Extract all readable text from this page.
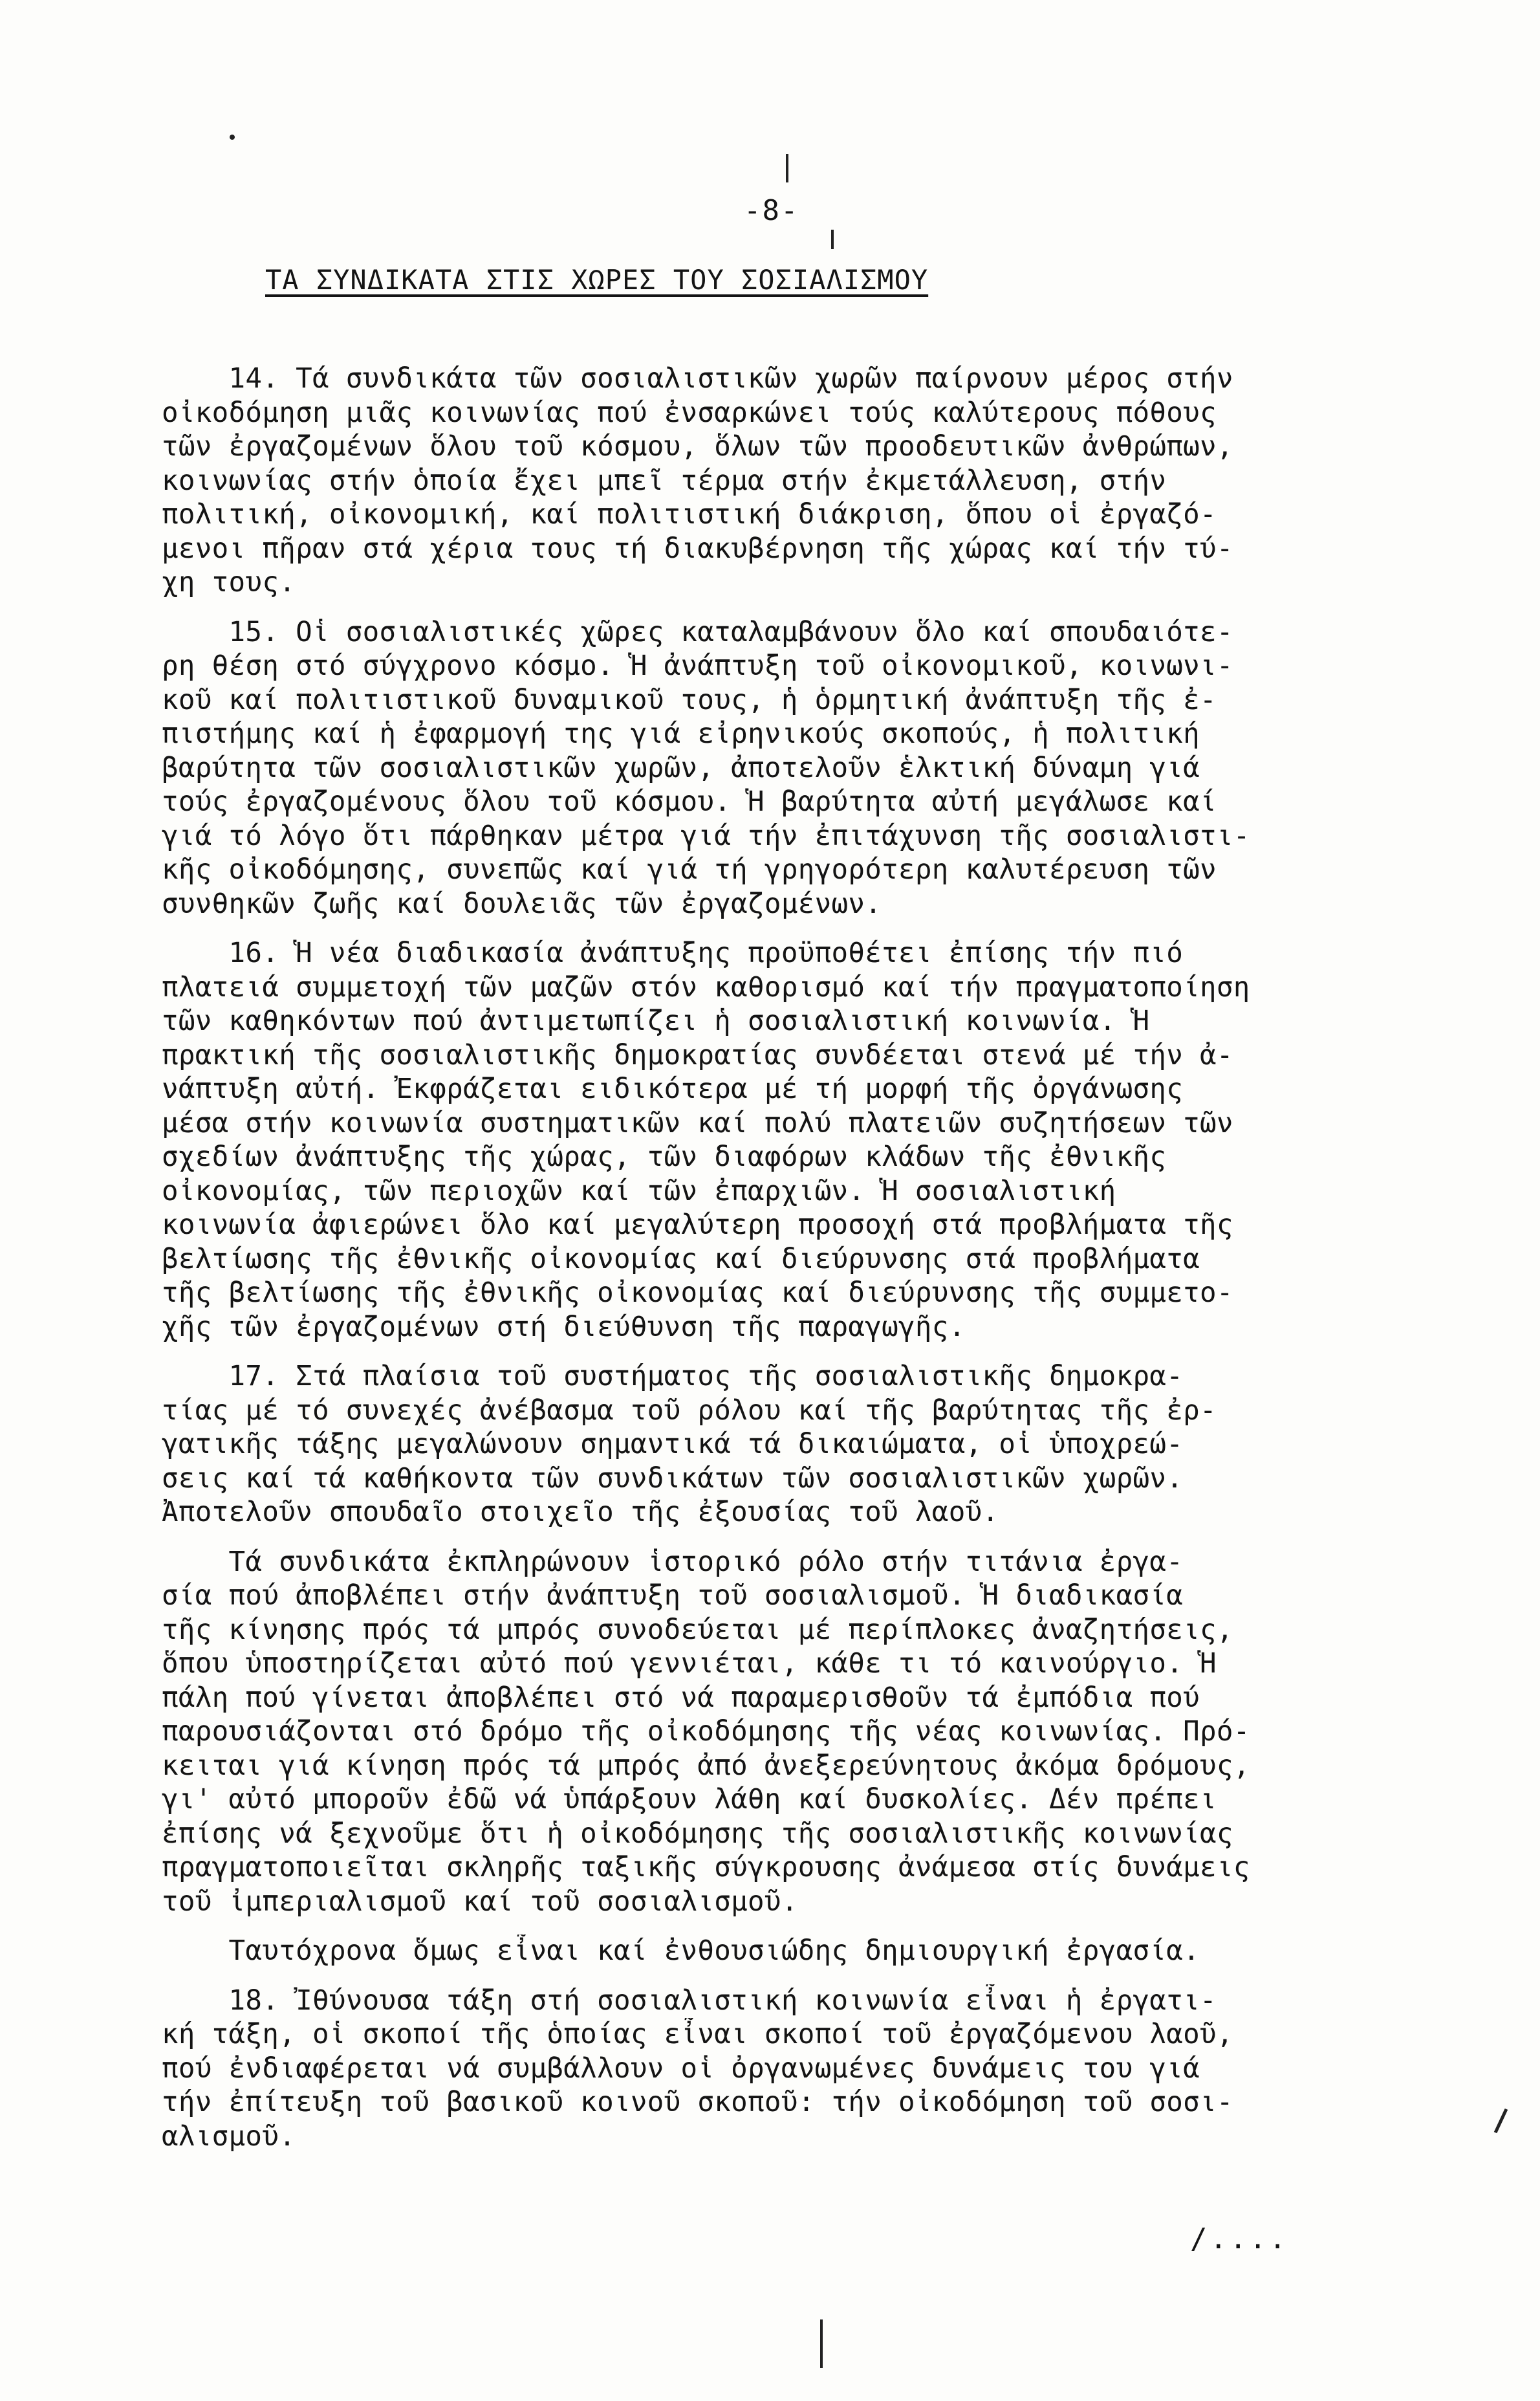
-8-
ΤΑ ΣΥΝΔΙΚΑΤΑ ΣΤΙΣ ΧΩΡΕΣ ΤΟΥ ΣΟΣΙΑΛΙΣΜΟΥ
14. Τά συνδικάτα τῶν σοσιαλιστικῶν χωρῶν παίρνουν μέρος στήν
οἰκοδόμηση μιᾶς κοινωνίας πού ἐνσαρκώνει τούς καλύτερους πόθους
τῶν ἐργαζομένων ὅλου τοῦ κόσμου, ὅλων τῶν προοδευτικῶν ἀνθρώπων,
κοινωνίας στήν ὁποία ἔχει μπεῖ τέρμα στήν ἐκμετάλλευση, στήν
πολιτική, οἰκονομική, καί πολιτιστική διάκριση, ὅπου οἱ ἐργαζό-
μενοι πῆραν στά χέρια τους τή διακυβέρνηση τῆς χώρας καί τήν τύ-
χη τους.
15. Οἱ σοσιαλιστικές χῶρες καταλαμβάνουν ὅλο καί σπουδαιότε-
ρη θέση στό σύγχρονο κόσμο. Ἡ ἀνάπτυξη τοῦ οἰκονομικοῦ, κοινωνι-
κοῦ καί πολιτιστικοῦ δυναμικοῦ τους, ἡ ὁρμητική ἀνάπτυξη τῆς ἐ-
πιστήμης καί ἡ ἐφαρμογή της γιά εἰρηνικούς σκοπούς, ἡ πολιτική
βαρύτητα τῶν σοσιαλιστικῶν χωρῶν, ἀποτελοῦν ἑλκτική δύναμη γιά
τούς ἐργαζομένους ὅλου τοῦ κόσμου. Ἡ βαρύτητα αὐτή μεγάλωσε καί
γιά τό λόγο ὅτι πάρθηκαν μέτρα γιά τήν ἐπιτάχυνση τῆς σοσιαλιστι-
κῆς οἰκοδόμησης, συνεπῶς καί γιά τή γρηγορότερη καλυτέρευση τῶν
συνθηκῶν ζωῆς καί δουλειᾶς τῶν ἐργαζομένων.
16. Ἡ νέα διαδικασία ἀνάπτυξης προϋποθέτει ἐπίσης τήν πιό
πλατειά συμμετοχή τῶν μαζῶν στόν καθορισμό καί τήν πραγματοποίηση
τῶν καθηκόντων πού ἀντιμετωπίζει ἡ σοσιαλιστική κοινωνία. Ἡ
πρακτική τῆς σοσιαλιστικῆς δημοκρατίας συνδέεται στενά μέ τήν ἀ-
νάπτυξη αὐτή. Ἐκφράζεται ειδικότερα μέ τή μορφή τῆς ὀργάνωσης
μέσα στήν κοινωνία συστηματικῶν καί πολύ πλατειῶν συζητήσεων τῶν
σχεδίων ἀνάπτυξης τῆς χώρας, τῶν διαφόρων κλάδων τῆς ἐθνικῆς
οἰκονομίας, τῶν περιοχῶν καί τῶν ἐπαρχιῶν. Ἡ σοσιαλιστική
κοινωνία ἀφιερώνει ὅλο καί μεγαλύτερη προσοχή στά προβλήματα τῆς
βελτίωσης τῆς ἐθνικῆς οἰκονομίας καί διεύρυνσης στά προβλήματα
τῆς βελτίωσης τῆς ἐθνικῆς οἰκονομίας καί διεύρυνσης τῆς συμμετο-
χῆς τῶν ἐργαζομένων στή διεύθυνση τῆς παραγωγῆς.
17. Στά πλαίσια τοῦ συστήματος τῆς σοσιαλιστικῆς δημοκρα-
τίας μέ τό συνεχές ἀνέβασμα τοῦ ρόλου καί τῆς βαρύτητας τῆς ἐρ-
γατικῆς τάξης μεγαλώνουν σημαντικά τά δικαιώματα, οἱ ὑποχρεώ-
σεις καί τά καθήκοντα τῶν συνδικάτων τῶν σοσιαλιστικῶν χωρῶν.
Ἀποτελοῦν σπουδαῖο στοιχεῖο τῆς ἐξουσίας τοῦ λαοῦ.
Τά συνδικάτα ἐκπληρώνουν ἱστορικό ρόλο στήν τιτάνια ἐργα-
σία πού ἀποβλέπει στήν ἀνάπτυξη τοῦ σοσιαλισμοῦ. Ἡ διαδικασία
τῆς κίνησης πρός τά μπρός συνοδεύεται μέ περίπλοκες ἀναζητήσεις,
ὅπου ὑποστηρίζεται αὐτό πού γεννιέται, κάθε τι τό καινούργιο. Ἡ
πάλη πού γίνεται ἀποβλέπει στό νά παραμερισθοῦν τά ἐμπόδια πού
παρουσιάζονται στό δρόμο τῆς οἰκοδόμησης τῆς νέας κοινωνίας. Πρό-
κειται γιά κίνηση πρός τά μπρός ἀπό ἀνεξερεύνητους ἀκόμα δρόμους,
γι' αὐτό μποροῦν ἐδῶ νά ὑπάρξουν λάθη καί δυσκολίες. Δέν πρέπει
ἐπίσης νά ξεχνοῦμε ὅτι ἡ οἰκοδόμησης τῆς σοσιαλιστικῆς κοινωνίας
πραγματοποιεῖται σκληρῆς ταξικῆς σύγκρουσης ἀνάμεσα στίς δυνάμεις
τοῦ ἰμπεριαλισμοῦ καί τοῦ σοσιαλισμοῦ.
Ταυτόχρονα ὅμως εἶναι καί ἐνθουσιώδης δημιουργική ἐργασία.
18. Ἰθύνουσα τάξη στή σοσιαλιστική κοινωνία εἶναι ἡ ἐργατι-
κή τάξη, οἱ σκοποί τῆς ὁποίας εἶναι σκοποί τοῦ ἐργαζόμενου λαοῦ,
πού ἐνδιαφέρεται νά συμβάλλουν οἱ ὀργανωμένες δυνάμεις του γιά
τήν ἐπίτευξη τοῦ βασικοῦ κοινοῦ σκοποῦ: τήν οἰκοδόμηση τοῦ σοσι-
αλισμοῦ.
/....
